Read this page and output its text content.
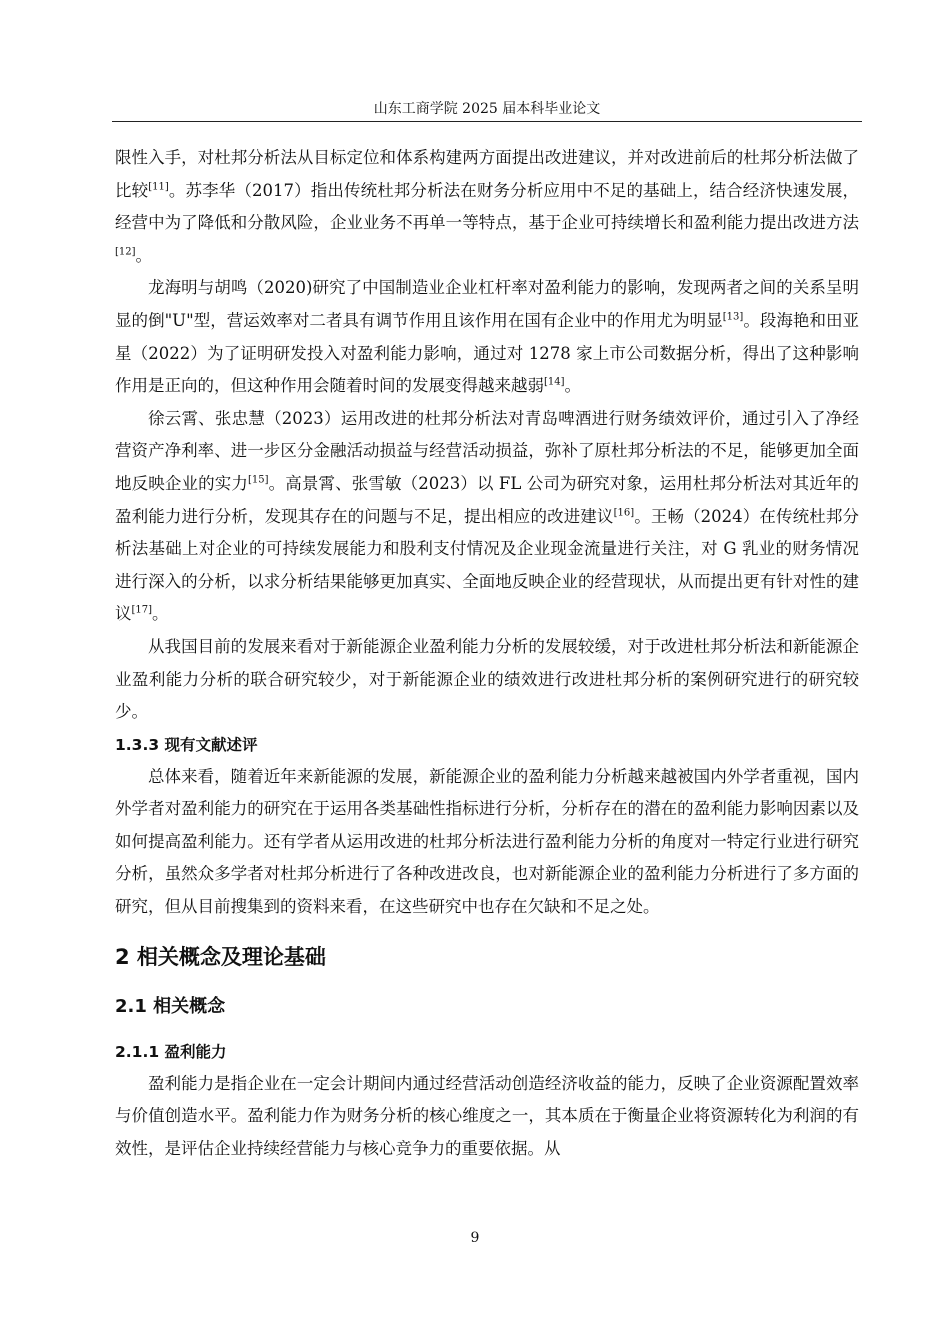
山东工商学院 2025 届本科毕业论文

限性入手，对杜邦分析法从目标定位和体系构建两方面提出改进建议，并对改进前后的杜邦分析法做了比较[11]。苏李华（2017）指出传统杜邦分析法在财务分析应用中不足的基础上，结合经济快速发展，经营中为了降低和分散风险，企业业务不再单一等特点，基于企业可持续增长和盈利能力提出改进方法[12]。

龙海明与胡鸣（2020)研究了中国制造业企业杠杆率对盈利能力的影响，发现两者之间的关系呈明显的倒"U"型，营运效率对二者具有调节作用且该作用在国有企业中的作用尤为明显[13]。段海艳和田亚星（2022）为了证明研发投入对盈利能力影响，通过对 1278 家上市公司数据分析，得出了这种影响作用是正向的，但这种作用会随着时间的发展变得越来越弱[14]。

徐云霄、张忠慧（2023）运用改进的杜邦分析法对青岛啤酒进行财务绩效评价，通过引入了净经营资产净利率、进一步区分金融活动损益与经营活动损益，弥补了原杜邦分析法的不足，能够更加全面地反映企业的实力[15]。高景霄、张雪敏（2023）以 FL 公司为研究对象，运用杜邦分析法对其近年的盈利能力进行分析，发现其存在的问题与不足，提出相应的改进建议[16]。王畅（2024）在传统杜邦分析法基础上对企业的可持续发展能力和股利支付情况及企业现金流量进行关注，对 G 乳业的财务情况进行深入的分析，以求分析结果能够更加真实、全面地反映企业的经营现状，从而提出更有针对性的建议[17]。

从我国目前的发展来看对于新能源企业盈利能力分析的发展较缓，对于改进杜邦分析法和新能源企业盈利能力分析的联合研究较少，对于新能源企业的绩效进行改进杜邦分析的案例研究进行的研究较少。

1.3.3 现有文献述评

总体来看，随着近年来新能源的发展，新能源企业的盈利能力分析越来越被国内外学者重视，国内外学者对盈利能力的研究在于运用各类基础性指标进行分析，分析存在的潜在的盈利能力影响因素以及如何提高盈利能力。还有学者从运用改进的杜邦分析法进行盈利能力分析的角度对一特定行业进行研究分析，虽然众多学者对杜邦分析进行了各种改进改良，也对新能源企业的盈利能力分析进行了多方面的研究，但从目前搜集到的资料来看，在这些研究中也存在欠缺和不足之处。

2 相关概念及理论基础
2.1 相关概念
2.1.1 盈利能力

盈利能力是指企业在一定会计期间内通过经营活动创造经济收益的能力，反映了企业资源配置效率与价值创造水平。盈利能力作为财务分析的核心维度之一，其本质在于衡量企业将资源转化为利润的有效性，是评估企业持续经营能力与核心竞争力的重要依据。从

9
